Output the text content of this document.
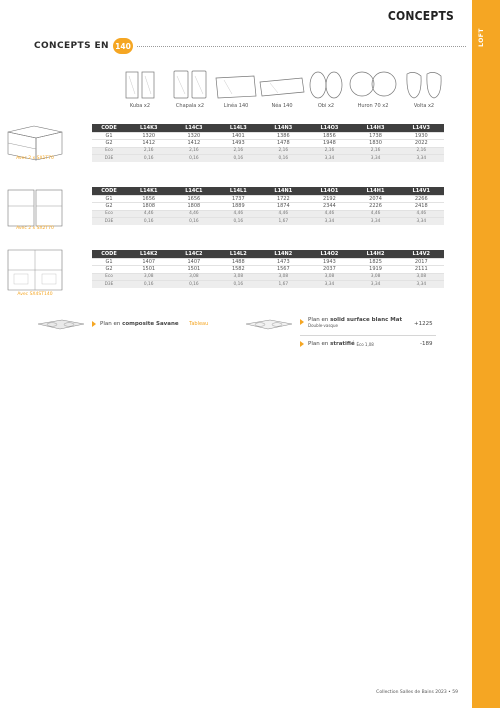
LOFT
CONCEPTS
CONCEPTS EN 140
Kuba x2	Chapala x2	Linéa 140	Néa 140	Obi x2	Huron 70 x2	Volta x2
Avec 2 x SX1T70
CODE	L14K3	L14C3	L14L3	L14N3	L14O3	L14H3	L14V3
G1	1320	1320	1401	1386	1856	1738	1930
G2	1412	1412	1493	1478	1948	1830	2022
Eco	2,16	2,16	2,16	2,16	2,16	2,16	2,16
D3E	0,16	0,16	0,16	0,16	3,34	3,34	3,34
Avec 2 x SX2T70
CODE	L14K1	L14C1	L14L1	L14N1	L14O1	L14H1	L14V1
G1	1656	1656	1737	1722	2192	2074	2266
G2	1808	1808	1889	1874	2344	2226	2418
Eco	4,46	4,46	4,46	4,46	4,46	4,46	4,46
D3E	0,16	0,16	0,16	1,67	3,34	3,34	3,34
Avec SX4ST140
CODE	L14K2	L14C2	L14L2	L14N2	L14O2	L14H2	L14V2
G1	1407	1407	1488	1473	1943	1825	2017
G2	1501	1501	1582	1567	2037	1919	2111
Eco	3,08	3,08	3,08	3,08	3,08	3,08	3,08
D3E	0,16	0,16	0,16	1,67	3,34	3,34	3,34
Plan en
composite Savane
Tableau
Plan en solid surface blanc Mat
Double-vasque	+1225
Plan en
stratifié
Éco 1,08	-189
Collection Salles de Bains 2023 • 59
